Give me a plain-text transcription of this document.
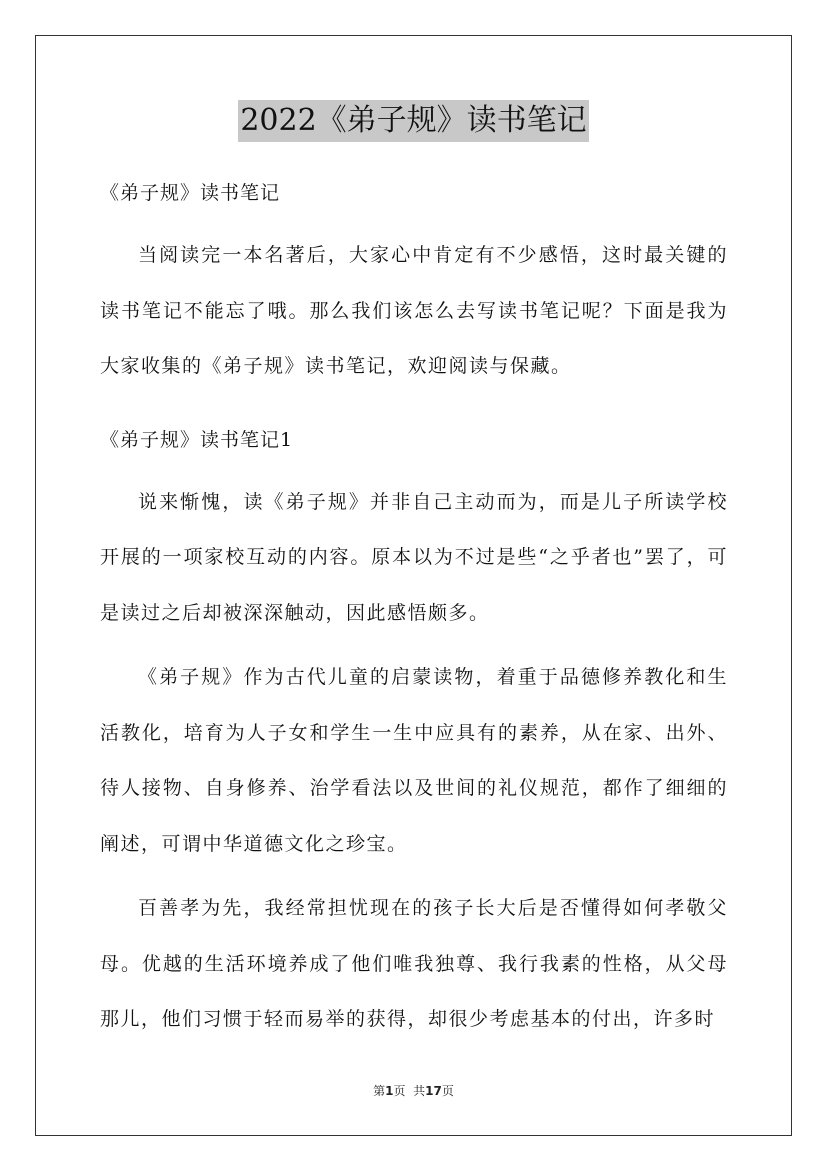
2022《弟子规》读书笔记

《弟子规》读书笔记

当阅读完一本名著后，大家心中肯定有不少感悟，这时最关键的读书笔记不能忘了哦。那么我们该怎么去写读书笔记呢？下面是我为大家收集的《弟子规》读书笔记，欢迎阅读与保藏。

《弟子规》读书笔记1

说来惭愧，读《弟子规》并非自己主动而为，而是儿子所读学校开展的一项家校互动的内容。原本以为不过是些“之乎者也”罢了，可是读过之后却被深深触动，因此感悟颇多。

《弟子规》作为古代儿童的启蒙读物，着重于品德修养教化和生活教化，培育为人子女和学生一生中应具有的素养，从在家、出外、待人接物、自身修养、治学看法以及世间的礼仪规范，都作了细细的阐述，可谓中华道德文化之珍宝。

百善孝为先，我经常担忧现在的孩子长大后是否懂得如何孝敬父母。优越的生活环境养成了他们唯我独尊、我行我素的性格，从父母那儿，他们习惯于轻而易举的获得，却很少考虑基本的付出，许多时

第1页  共17页
